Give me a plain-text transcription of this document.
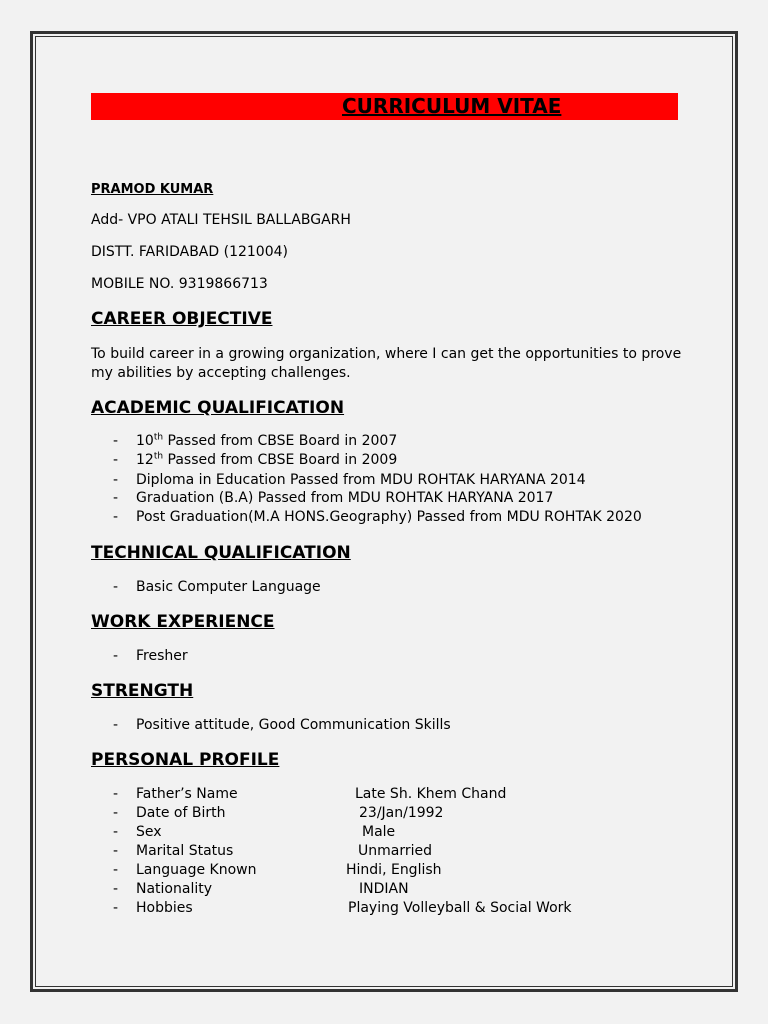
CURRICULUM VITAE
PRAMOD KUMAR
Add- VPO ATALI TEHSIL BALLABGARH
DISTT. FARIDABAD (121004)
MOBILE NO. 9319866713
CAREER OBJECTIVE
To build career in a growing organization, where I can get the opportunities to prove my abilities by accepting challenges.
ACADEMIC QUALIFICATION
- 10th Passed from CBSE Board in 2007
- 12th Passed from CBSE Board in 2009
- Diploma in Education Passed from MDU ROHTAK HARYANA 2014
- Graduation (B.A) Passed from MDU ROHTAK HARYANA 2017
- Post Graduation(M.A HONS.Geography) Passed from MDU ROHTAK 2020
TECHNICAL QUALIFICATION
- Basic Computer Language
WORK EXPERIENCE
- Fresher
STRENGTH
- Positive attitude, Good Communication Skills
PERSONAL PROFILE
- Father’s Name	Late Sh. Khem Chand
- Date of Birth	23/Jan/1992
- Sex	Male
- Marital Status	Unmarried
- Language Known	Hindi, English
- Nationality	INDIAN
- Hobbies	Playing Volleyball & Social Work
